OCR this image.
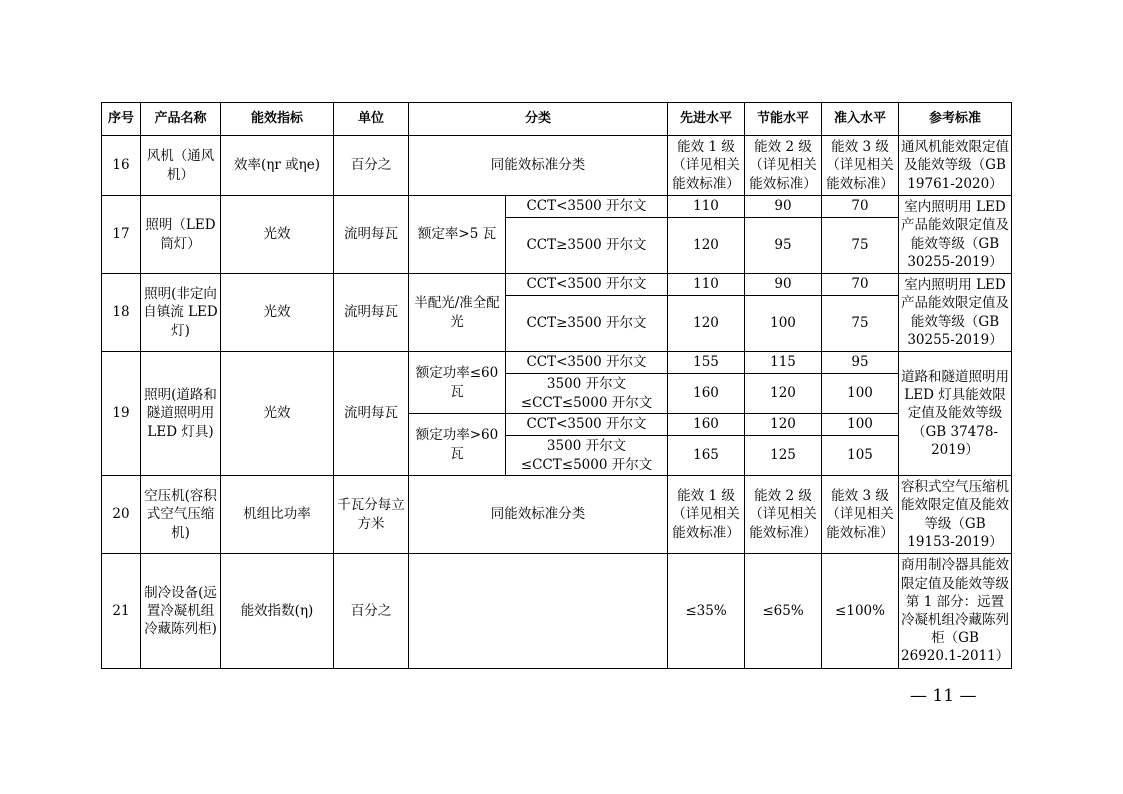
序号	产品名称	能效指标	单位	分类		先进水平	节能水平	准入水平	参考标准
16	风机（通风机）	效率(ηr 或ηe)	百分之	同能效标准分类		能效 1 级（详见相关能效标准）	能效 2 级（详见相关能效标准）	能效 3 级（详见相关能效标准）	通风机能效限定值及能效等级（GB 19761-2020）
17	照明（LED 筒灯）	光效	流明每瓦	额定率>5 瓦	CCT<3500 开尔文	110	90	70	室内照明用 LED 产品能效限定值及能效等级（GB 30255-2019）
					CCT≥3500 开尔文	120	95	75	
18	照明(非定向自镇流 LED 灯)	光效	流明每瓦	半配光/准全配光	CCT<3500 开尔文	110	90	70	室内照明用 LED 产品能效限定值及能效等级（GB 30255-2019）
					CCT≥3500 开尔文	120	100	75	
19	照明(道路和隧道照明用 LED 灯具)	光效	流明每瓦	额定功率≤60 瓦	CCT<3500 开尔文	155	115	95	道路和隧道照明用 LED 灯具能效限定值及能效等级（GB 37478-2019）
					3500 开尔文≤CCT≤5000 开尔文	160	120	100	
				额定功率>60 瓦	CCT<3500 开尔文	160	120	100	
					3500 开尔文≤CCT≤5000 开尔文	165	125	105	
20	空压机(容积式空气压缩机)	机组比功率	千瓦分每立方米	同能效标准分类		能效 1 级（详见相关能效标准）	能效 2 级（详见相关能效标准）	能效 3 级（详见相关能效标准）	容积式空气压缩机能效限定值及能效等级（GB 19153-2019）
21	制冷设备(远置冷凝机组冷藏陈列柜)	能效指数(η)	百分之			≤35%	≤65%	≤100%	商用制冷器具能效限定值及能效等级第 1 部分：远置冷凝机组冷藏陈列柜（GB 26920.1-2011）
— 11 —
